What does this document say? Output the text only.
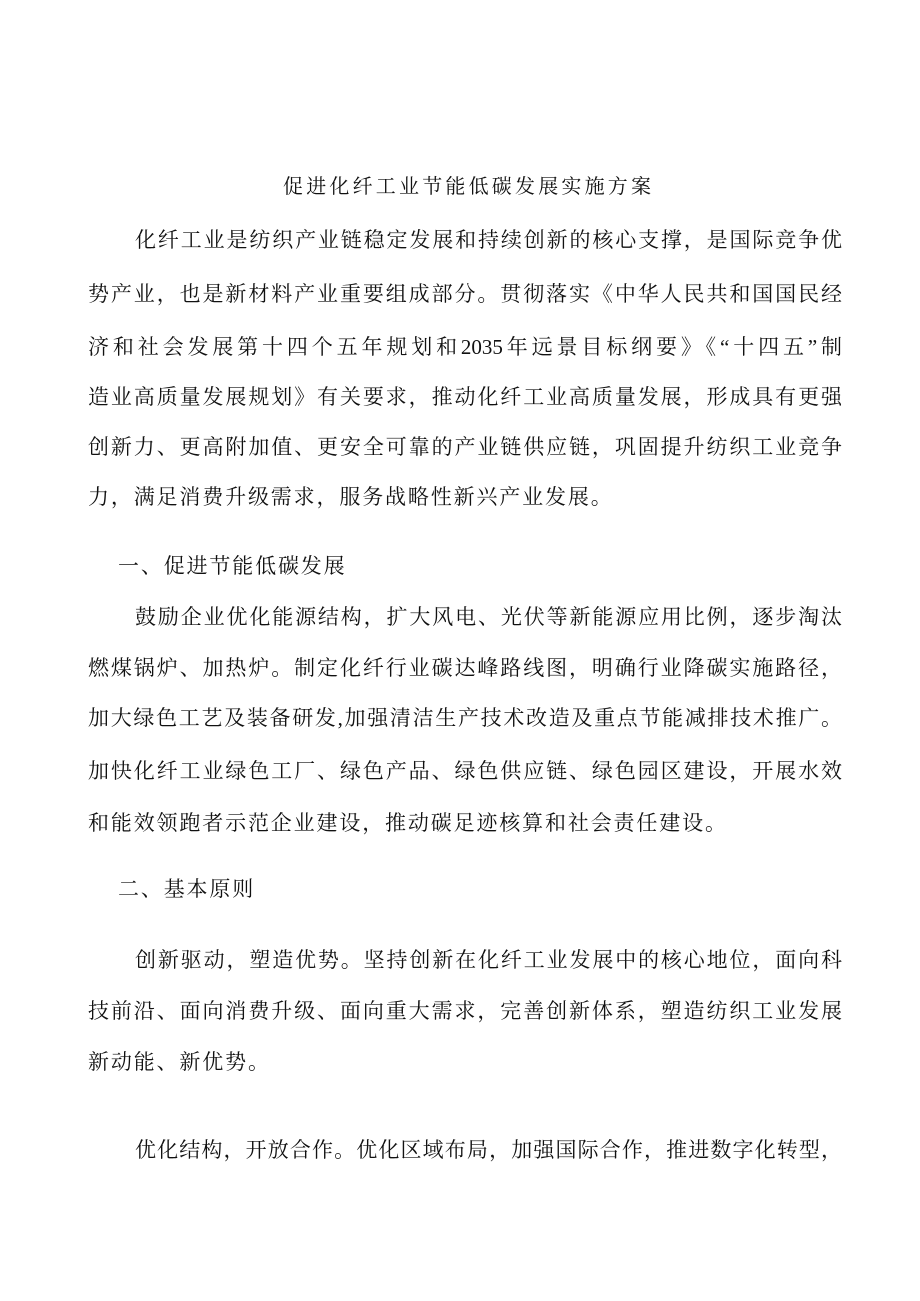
促进化纤工业节能低碳发展实施方案
化纤工业是纺织产业链稳定发展和持续创新的核心支撑，是国际竞争优
势产业，也是新材料产业重要组成部分。贯彻落实《中华人民共和国国民经
济和社会发展第十四个五年规划和2035年远景目标纲要》《“十四五”制
造业高质量发展规划》有关要求，推动化纤工业高质量发展，形成具有更强
创新力、更高附加值、更安全可靠的产业链供应链，巩固提升纺织工业竞争
力，满足消费升级需求，服务战略性新兴产业发展。
一、促进节能低碳发展
鼓励企业优化能源结构，扩大风电、光伏等新能源应用比例，逐步淘汰
燃煤锅炉、加热炉。制定化纤行业碳达峰路线图，明确行业降碳实施路径，
加大绿色工艺及装备研发,加强清洁生产技术改造及重点节能减排技术推广。
加快化纤工业绿色工厂、绿色产品、绿色供应链、绿色园区建设，开展水效
和能效领跑者示范企业建设，推动碳足迹核算和社会责任建设。
二、基本原则
创新驱动，塑造优势。坚持创新在化纤工业发展中的核心地位，面向科
技前沿、面向消费升级、面向重大需求，完善创新体系，塑造纺织工业发展
新动能、新优势。
优化结构，开放合作。优化区域布局，加强国际合作，推进数字化转型，
